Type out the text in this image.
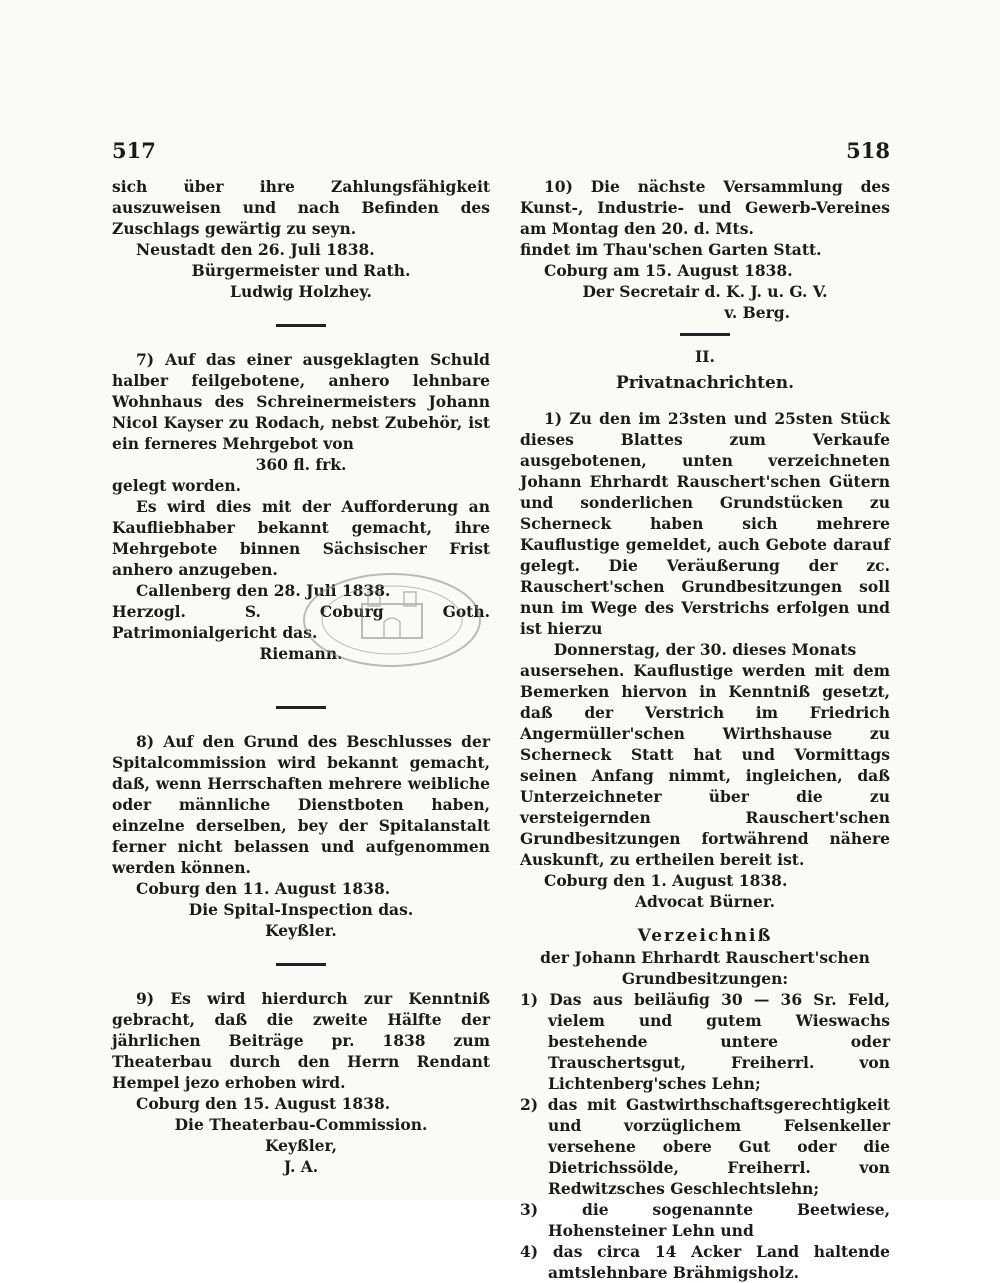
517

sich über ihre Zahlungsfähigkeit auszuweisen und nach Befinden des Zuschlags gewärtig zu seyn.

Neustadt den 26. Juli 1838.

Bürgermeister und Rath.

Ludwig Holzhey.

7) Auf das einer ausgeklagten Schuld halber feilgebotene, anhero lehnbare Wohnhaus des Schreinermeisters Johann Nicol Kayser zu Rodach, nebst Zubehör, ist ein ferneres Mehrgebot von

360 fl. frk.

gelegt worden.

Es wird dies mit der Aufforderung an Kaufliebhaber bekannt gemacht, ihre Mehrgebote binnen Sächsischer Frist anhero anzugeben.

Callenberg den 28. Juli 1838.

Herzogl. S. Coburg Goth. Patrimonialgericht das.

Riemann.

8) Auf den Grund des Beschlusses der Spitalcommission wird bekannt gemacht, daß, wenn Herrschaften mehrere weibliche oder männliche Dienstboten haben, einzelne derselben, bey der Spitalanstalt ferner nicht belassen und aufgenommen werden können.

Coburg den 11. August 1838.

Die Spital-Inspection das.

Keyßler.

9) Es wird hierdurch zur Kenntniß gebracht, daß die zweite Hälfte der jährlichen Beiträge pr. 1838 zum Theaterbau durch den Herrn Rendant Hempel jezo erhoben wird.

Coburg den 15. August 1838.

Die Theaterbau-Commission.

Keyßler,

J. A.

518

10) Die nächste Versammlung des Kunst-, Industrie- und Gewerb-Vereines am Montag den 20. d. Mts.

findet im Thau'schen Garten Statt.

Coburg am 15. August 1838.

Der Secretair d. K. J. u. G. V.

v. Berg.

II.

Privatnachrichten.

1) Zu den im 23sten und 25sten Stück dieses Blattes zum Verkaufe ausgebotenen, unten verzeichneten Johann Ehrhardt Rauschert'schen Gütern und sonderlichen Grundstücken zu Scherneck haben sich mehrere Kauflustige gemeldet, auch Gebote darauf gelegt. Die Veräußerung der zc. Rauschert'schen Grundbesitzungen soll nun im Wege des Verstrichs erfolgen und ist hierzu

Donnerstag, der 30. dieses Monats

ausersehen. Kauflustige werden mit dem Bemerken hiervon in Kenntniß gesetzt, daß der Verstrich im Friedrich Angermüller'schen Wirthshause zu Scherneck Statt hat und Vormittags seinen Anfang nimmt, ingleichen, daß Unterzeichneter über die zu versteigernden Rauschert'schen Grundbesitzungen fortwährend nähere Auskunft, zu ertheilen bereit ist.

Coburg den 1. August 1838.

Advocat Bürner.

Verzeichniß

der Johann Ehrhardt Rauschert'schen Grundbesitzungen:

1) Das aus beiläufig 30 — 36 Sr. Feld, vielem und gutem Wieswachs bestehende untere oder Trauschertsgut, Freiherrl. von Lichtenberg'sches Lehn;

2) das mit Gastwirthschaftsgerechtigkeit und vorzüglichem Felsenkeller versehene obere Gut oder die Dietrichssölde, Freiherrl. von Redwitzsches Geschlechtslehn;

3) die sogenannte Beetwiese, Hohensteiner Lehn und

4) das circa 14 Acker Land haltende amtslehnbare Brähmigsholz.
